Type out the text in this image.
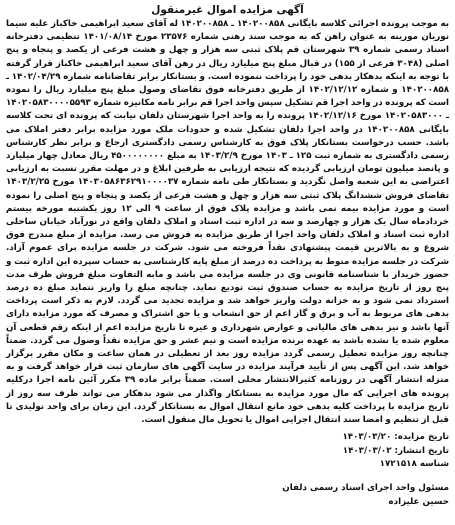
آگهی مزایده اموال غیرمنقول

به موجب پرونده اجرائی کلاسه بایگانی ۱۴۰۲۰۰۸۵۸ ـ ۱۴۰۲۰۰۸۵۸ له آقای سعید ابراهیمی خاکباز علیه سیما نوریان مورینه به عنوان راهن که به موجب سند رهنی شماره ۲۳۵۷۶ مورخ ۱۴۰۱/۰۸/۱۴ تنظیمی دفترخانه اسناد رسمی شماره ۳۹ شهرستان قم پلاک ثبتی سه هزار و چهل و هشت فرعی از یکصد و پنجاه و پنج اصلی (۳۰۴۸ فرعی از ۱۵۵) در قبال مبلغ پنج میلیارد ریال در رهن آقای سعید ابراهیمی خاکباز قرار گرفته با توجه به اینکه بدهکار بدهی خود را پرداخت ننموده است. و بستانکار برابر تقاضانامه شماره ۱۴۰۲/۰۴/۲۹ ـ ۱۴۰۲۰۰۸۵۸ و شماره ۱۴۰۲/۱۲/۱۲ از طریق دفترخانه فوق تقاضای وصول مبلغ پنج میلیارد ریال را نموده است که پرونده در واحد اجرا قم تشکیل سپس واحد اجرا قم برابر نامه مکانیزه شماره ۱۴۰۲۰۵۸۳۰۰۰۰۵۵۹۳ ـ ۱۴۰۲۰۵۸۳۰۰۰ مورخ ۱۴۰۲/۱۲/۱۶ پرونده را به واحد اجرا شهرستان دلفان نیابت که پرونده ای تحت کلاسه بایگانی ۱۴۰۲۰۰۸۵۸ در واحد اجرا دلفان تشکیل شده و حدودات ملک مورد مزایده برابر دفتر املاک می باشد. حسب درخواست بستانکار پلاک فوق به کارشناس رسمی دادگستری ارجاع و برابر نظر کارشناس رسمی دادگستری به شماره ثبت ۱۲۵ ـ ۱۴۰۳ مورخ ۱۴۰۳/۲/۹ به مبلغ ۴۵۰۰۰۰۰۰۰۰ ریال معادل چهار میلیارد و پانصد میلیون تومان ارزیابی گردیده که نتیجه ارزیابی به طرفین ابلاغ و در مهلت مقرر نسبت به ارزیابی اعتراضی به این شعبه واصل نگردید و بستانکار طی نامه شماره ۱۴۰۳۰۵۸۶۳۶۲۹۱۰۰۰۰۳۷ مورخ ۱۴۰۳/۲/۲۵ تقاضای فروش ششدانگ پلاک ثبتی سه هزار و چهل و هشت فرعی از یکصد و پنجاه و پنج اصلی را نموده است و مورد مزایده بیمه نمی باشد و مزایده پلاک فوق از ساعت ۹ الی ۱۲ روز یکشنبه مورخه بیستم خردادماه سال یک هزار و چهارصد و سه در اداره ثبت اسناد و املاک دلفان واقع در نورآباد خیابان ساحلی اداره ثبت اسناد و املاک دلفان واحد اجرا از طریق مزایده به فروش می رسد. مزایده از مبلغ مندرج فوق شروع و به بالاترین قیمت پیشنهادی نقداً فروخته می شود. شرکت در جلسه مزایده برای عموم آزاد. شرکت در جلسه مزایده منوط به پرداخت ده درصد از مبلغ پایه کارشناسی به حساب سپرده این اداره ثبت و حضور خریدار با شناسنامه قانونی وی در جلسه مزایده می باشد و مابه التفاوت مبلغ فروش ظرف مدت پنج روز از تاریخ مزایده به حساب صندوق ثبت تودیع نماید. چنانچه مبلغ را واریز ننماید مبلغ ده درصد استرداد نمی شود و به خزانه دولت واریز خواهد شد و مزایده تجدید می گردد. لازم به ذکر است پرداخت بدهی های مربوط به آب و برق و گاز اعم از حق انشعاب و یا حق اشتراک و مصرف که مورد مزایده دارای آنها باشد و نیز بدهی های مالیاتی و عوارض شهرداری و غیره تا تاریخ مزایده اعم از اینکه رقم قطعی آن معلوم شده یا نشده باشد به عهده برنده مزایده است و نیم عشر و حق مزایده نقداً وصول می گردد. ضمناً چنانچه روز مزایده تعطیل رسمی گردد مزایده روز بعد از تعطیلی در همان ساعت و مکان مقرر برگزار خواهد شد. این آگهی پس از تأیید فرآیند مزایده در سایت آگهی های سازمان ثبت قرار خواهد گرفت و به منزله انتشار آگهی در روزنامه کثیرالانتشار محلی است. ضمناً برابر ماده ۳۹ مکرر آئین نامه اجرا درکلیه پرونده های اجرایی که مال مورد مزایده به بستانکار واگذار می شود بدهکار می تواند ظرف سه روز از تاریخ مزایده با پرداخت کلیه بدهی خود مانع انتقال اموال به بستانکار گردد. این زمان برای واحد تولیدی تا قبل از تنظیم و امضا سند انتقال اجرایی اموال یا تحویل مال منقول است.

تاریخ مزایده: ۱۴۰۳/۰۳/۲۰
تاریخ انتشار: ۱۴۰۳/۰۳/۰۲
شناسه ۱۷۲۱۵۱۸
مسئول واحد اجرای اسناد رسمی دلفان
حسین علیزاده
